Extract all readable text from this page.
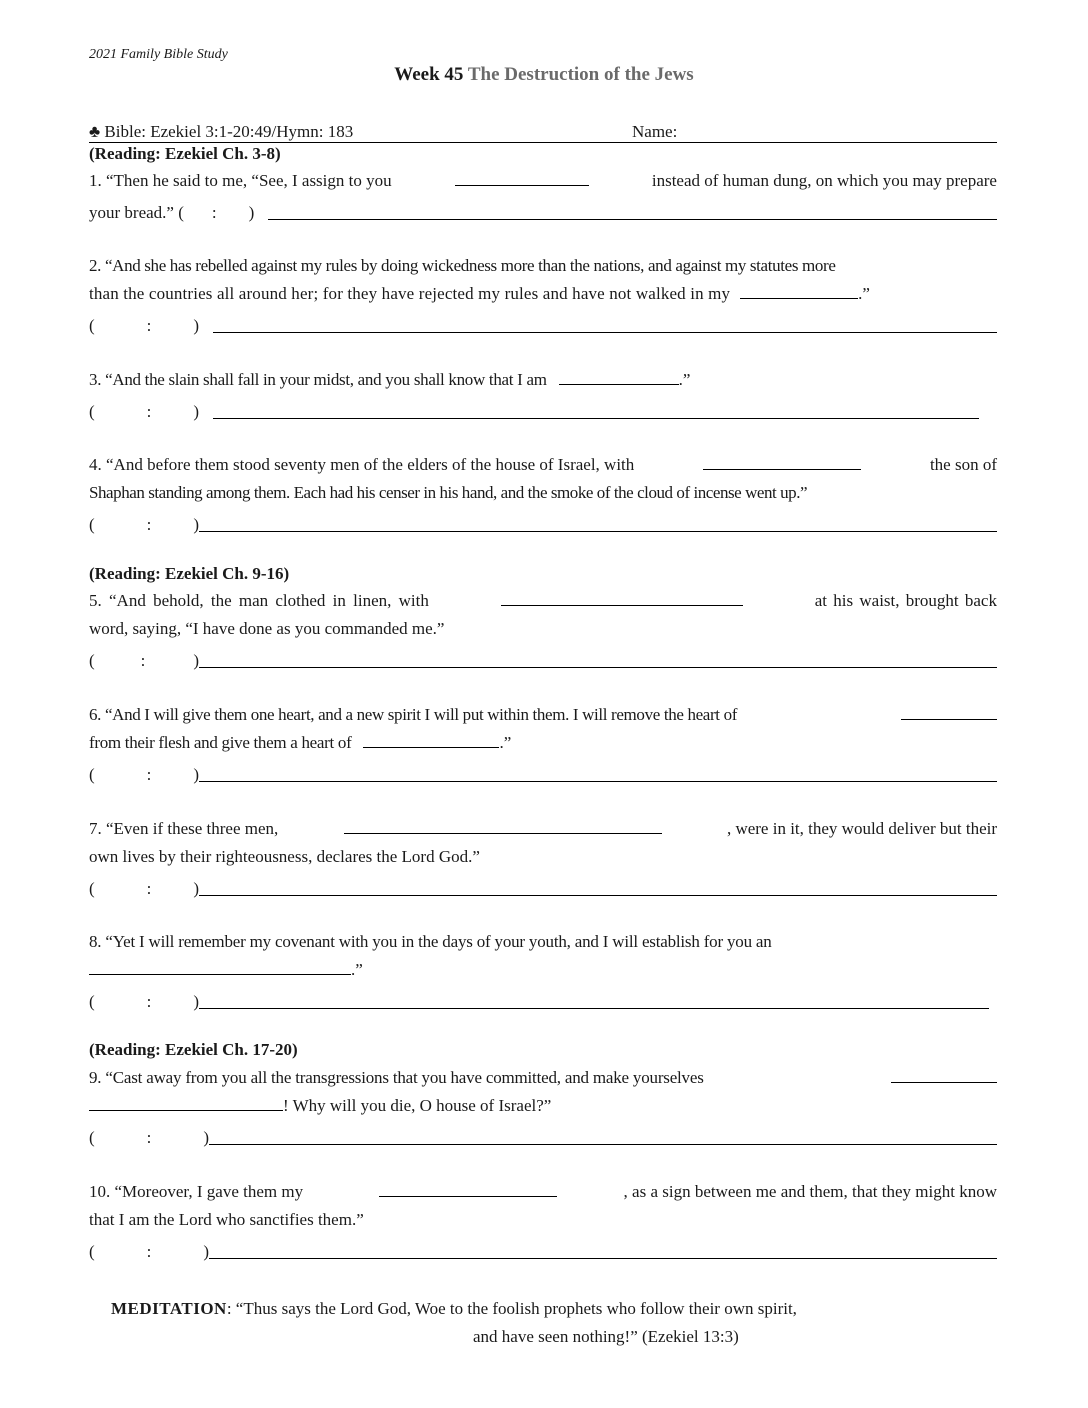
2021 Family Bible Study
Week 45 The Destruction of the Jews
♣ Bible: Ezekiel 3:1-20:49/Hymn: 183	Name:
(Reading: Ezekiel Ch. 3-8)
1. “Then he said to me, “See, I assign to you	instead of human dung, on which you may prepare
your bread.” ( : )
2. “And she has rebelled against my rules by doing wickedness more than the nations, and against my statutes more
than the countries all around her; for they have rejected my rules and have not walked in my	.”
(	: )
3. “And the slain shall fall in your midst, and you shall know that I am	.”
(	: )
4. “And before them stood seventy men of the elders of the house of Israel, with	the son of
Shaphan standing among them. Each had his censer in his hand, and the smoke of the cloud of incense went up.”
(	: )
(Reading: Ezekiel Ch. 9-16)
5. “And behold, the man clothed in linen, with	at his waist, brought back
word, saying, “I have done as you commanded me.”
(	:	)
6. “And I will give them one heart, and a new spirit I will put within them. I will remove the heart of
from their flesh and give them a heart of	.”
(	: )
7. “Even if these three men,	, were in it, they would deliver but their
own lives by their righteousness, declares the Lord God.”
(	: )
8. “Yet I will remember my covenant with you in the days of your youth, and I will establish for you an
.”
(	: )
(Reading: Ezekiel Ch. 17-20)
9. “Cast away from you all the transgressions that you have committed, and make yourselves
! Why will you die, O house of Israel?”
(	:	)
10. “Moreover, I gave them my	, as a sign between me and them, that they might know
that I am the Lord who sanctifies them.”
(	:	)
MEDITATION: “Thus says the Lord God, Woe to the foolish prophets who follow their own spirit,
and have seen nothing!” (Ezekiel 13:3)
